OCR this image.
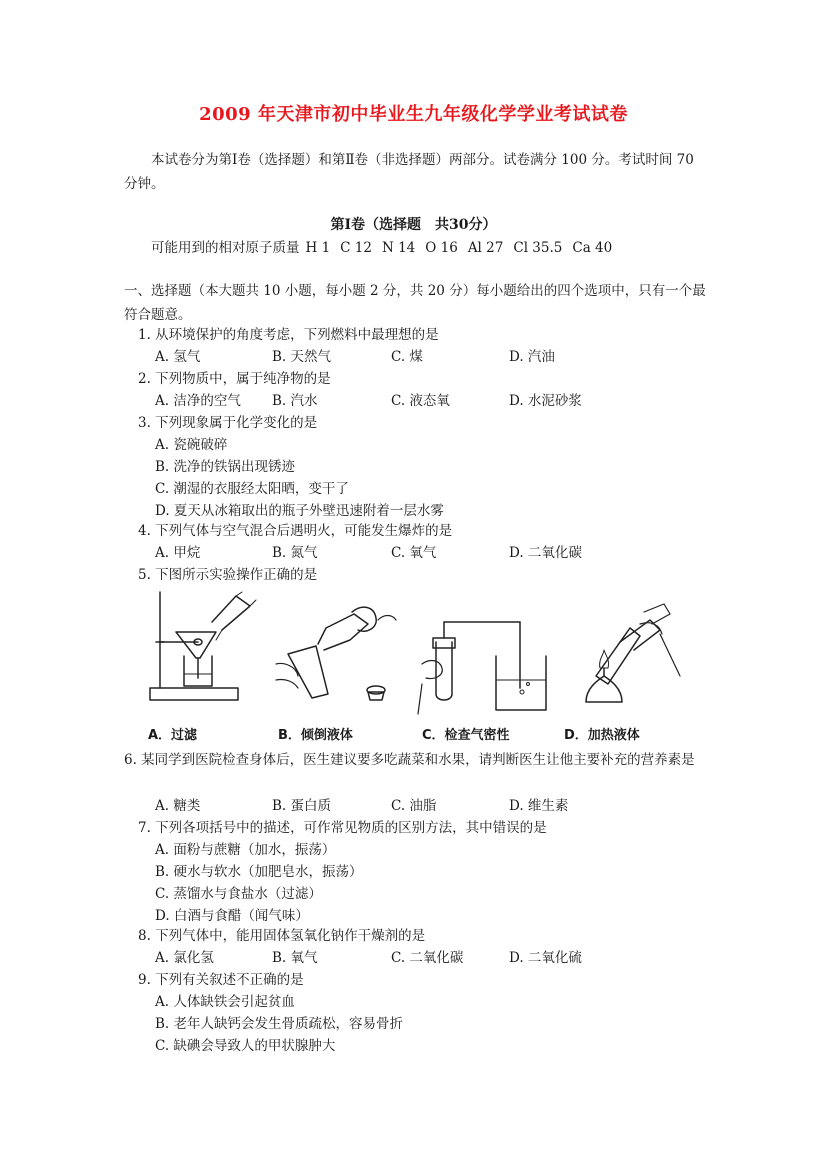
2009 年天津市初中毕业生九年级化学学业考试试卷
本试卷分为第Ⅰ卷（选择题）和第Ⅱ卷（非选择题）两部分。试卷满分 100 分。考试时间 70 分钟。
第Ⅰ卷（选择题　共30分）
可能用到的相对原子质量 H 1 C 12 N 14 O 16 Al 27 Cl 35.5 Ca 40
一、选择题（本大题共 10 小题，每小题 2 分，共 20 分）每小题给出的四个选项中，只有一个最符合题意。
1. 从环境保护的角度考虑，下列燃料中最理想的是
A. 氢气	B. 天然气	C. 煤	D. 汽油
2. 下列物质中，属于纯净物的是
A. 洁净的空气 B. 汽水	C. 液态氧	D. 水泥砂浆
3. 下列现象属于化学变化的是
A. 瓷碗破碎
B. 洗净的铁锅出现锈迹
C. 潮湿的衣服经太阳晒，变干了
D. 夏天从冰箱取出的瓶子外壁迅速附着一层水雾
4. 下列气体与空气混合后遇明火，可能发生爆炸的是
A. 甲烷	B. 氮气	C. 氧气	D. 二氧化碳
5. 下图所示实验操作正确的是
A．过滤	B．倾倒液体	C．检查气密性	D．加热液体
6. 某同学到医院检查身体后，医生建议要多吃蔬菜和水果，请判断医生让他主要补充的营养素是
A. 糖类	B. 蛋白质	C. 油脂	D. 维生素
7. 下列各项括号中的描述，可作常见物质的区别方法，其中错误的是
A. 面粉与蔗糖（加水，振荡）
B. 硬水与软水（加肥皂水，振荡）
C. 蒸馏水与食盐水（过滤）
D. 白酒与食醋（闻气味）
8. 下列气体中，能用固体氢氧化钠作干燥剂的是
A. 氯化氢	B. 氧气	C. 二氧化碳	D. 二氧化硫
9. 下列有关叙述不正确的是
A. 人体缺铁会引起贫血
B. 老年人缺钙会发生骨质疏松，容易骨折
C. 缺碘会导致人的甲状腺肿大
